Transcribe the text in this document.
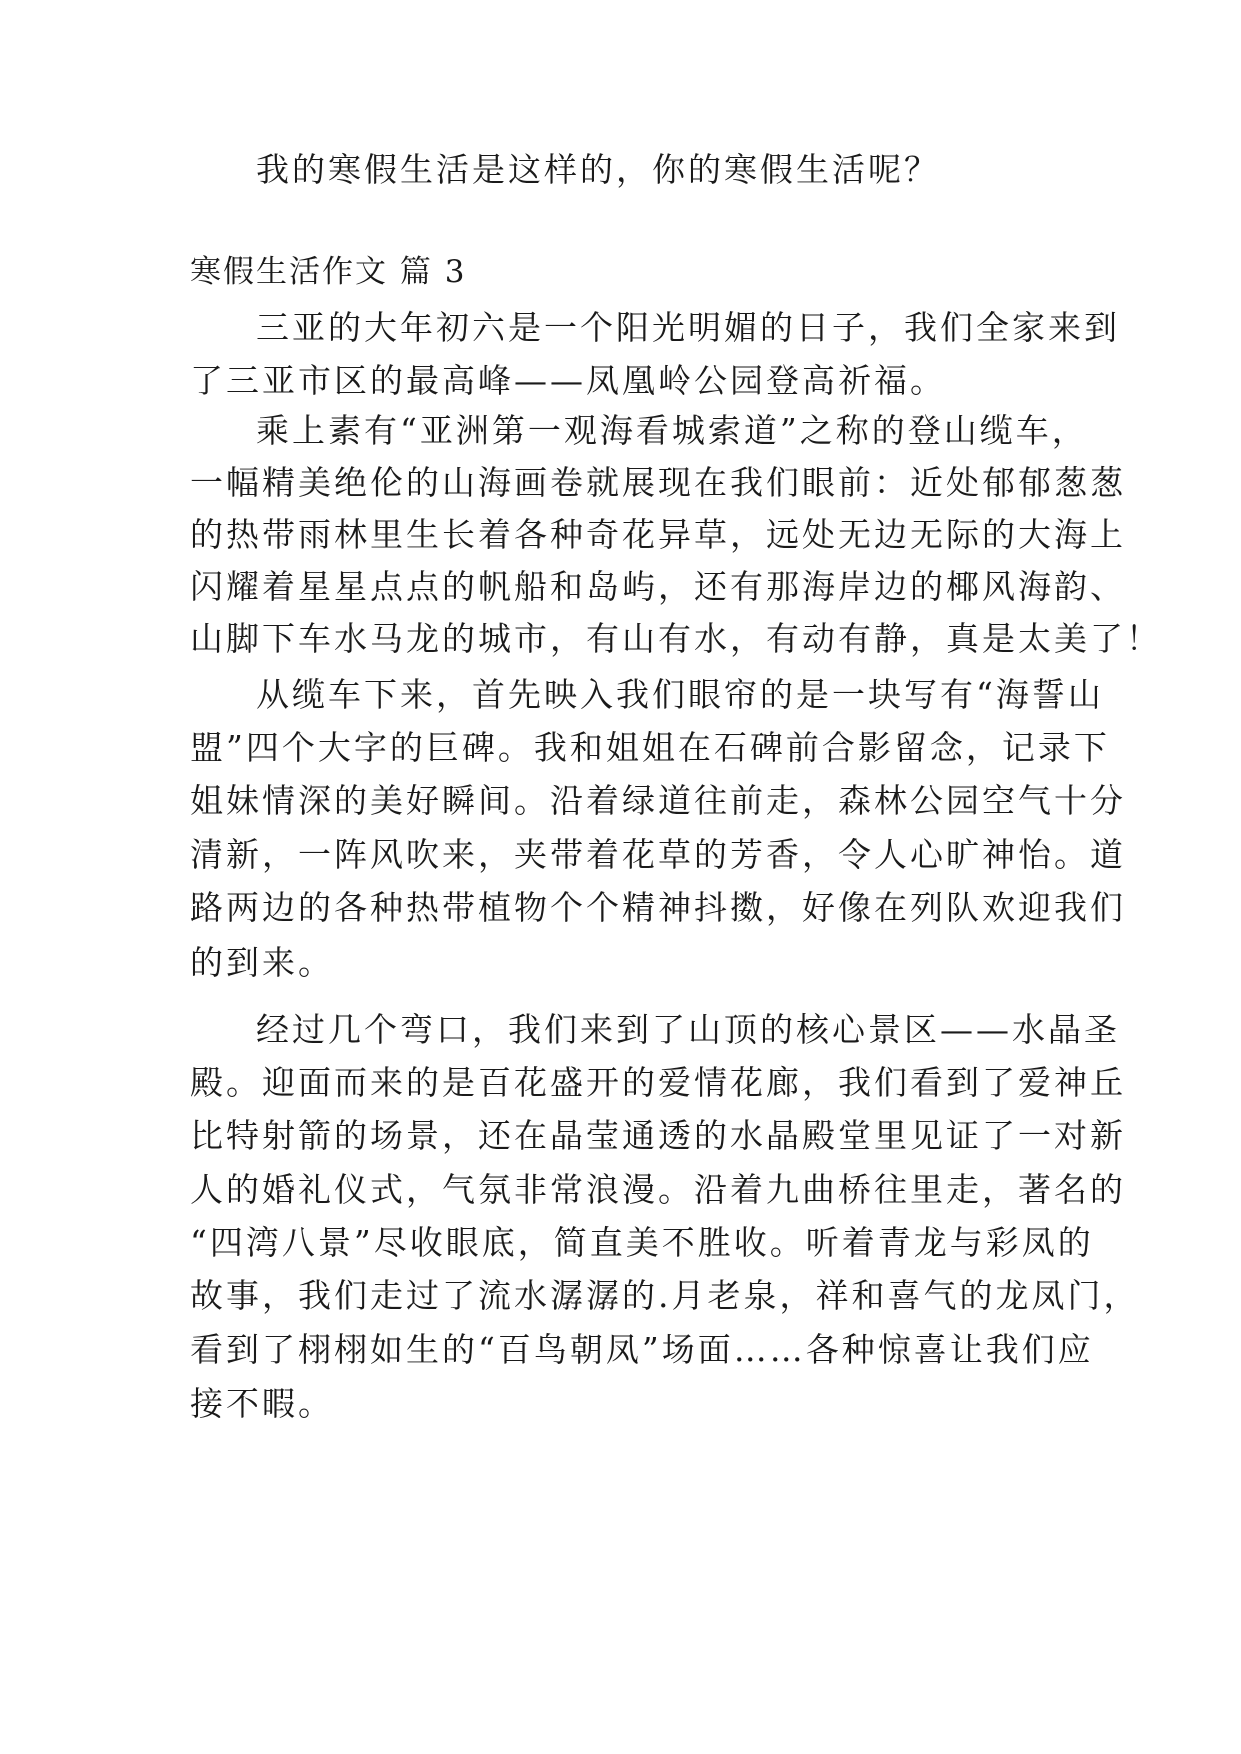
我的寒假生活是这样的，你的寒假生活呢？
寒假生活作文 篇 3
三亚的大年初六是一个阳光明媚的日子，我们全家来到
了三亚市区的最高峰——凤凰岭公园登高祈福。
乘上素有“亚洲第一观海看城索道”之称的登山缆车，
一幅精美绝伦的山海画卷就展现在我们眼前：近处郁郁葱葱
的热带雨林里生长着各种奇花异草，远处无边无际的大海上
闪耀着星星点点的帆船和岛屿，还有那海岸边的椰风海韵、
山脚下车水马龙的城市，有山有水，有动有静，真是太美了！
从缆车下来，首先映入我们眼帘的是一块写有“海誓山
盟”四个大字的巨碑。我和姐姐在石碑前合影留念，记录下
姐妹情深的美好瞬间。沿着绿道往前走，森林公园空气十分
清新，一阵风吹来，夹带着花草的芳香，令人心旷神怡。道
路两边的各种热带植物个个精神抖擞，好像在列队欢迎我们
的到来。
经过几个弯口，我们来到了山顶的核心景区——水晶圣
殿。迎面而来的是百花盛开的爱情花廊，我们看到了爱神丘
比特射箭的场景，还在晶莹通透的水晶殿堂里见证了一对新
人的婚礼仪式，气氛非常浪漫。沿着九曲桥往里走，著名的
“四湾八景”尽收眼底，简直美不胜收。听着青龙与彩凤的
故事，我们走过了流水潺潺的.月老泉，祥和喜气的龙凤门，
看到了栩栩如生的“百鸟朝凤”场面……各种惊喜让我们应
接不暇。
